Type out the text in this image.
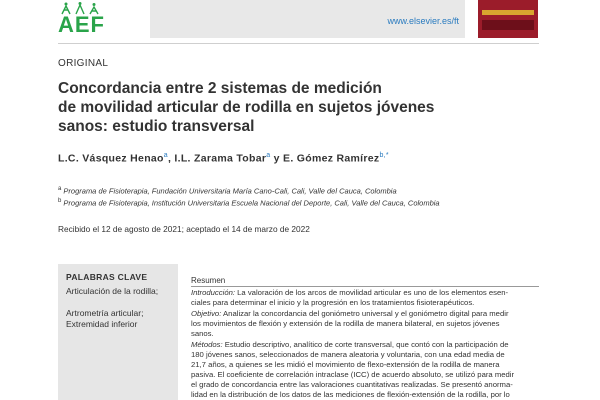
AEF	www.elsevier.es/ft
ORIGINAL
Concordancia entre 2 sistemas de medición
de movilidad articular de rodilla en sujetos jóvenes
sanos: estudio transversal
L.C. Vásquez Henao$^a$, I.L. Zarama Tobar$^a$ y E. Gómez Ramírez$^{b,*}$
$^a$ Programa de Fisioterapia, Fundación Universitaria María Cano-Cali, Cali, Valle del Cauca, Colombia
$^b$ Programa de Fisioterapia, Institución Universitaria Escuela Nacional del Deporte, Cali, Valle del Cauca, Colombia
Recibido el 12 de agosto de 2021; aceptado el 14 de marzo de 2022
PALABRAS CLAVE
Articulación de la rodilla;
Artrometría articular;
Extremidad inferior
Resumen
Introducción: La valoración de los arcos de movilidad articular es uno de los elementos esen-
ciales para determinar el inicio y la progresión en los tratamientos fisioterapéuticos.
Objetivo: Analizar la concordancia del goniómetro universal y el goniómetro digital para medir
los movimientos de flexión y extensión de la rodilla de manera bilateral, en sujetos jóvenes
sanos.
Métodos: Estudio descriptivo, analítico de corte transversal, que contó con la participación de
180 jóvenes sanos, seleccionados de manera aleatoria y voluntaria, con una edad media de
21,7 años, a quienes se les midió el movimiento de flexo-extensión de la rodilla de manera
pasiva. El coeficiente de correlación intraclase (ICC) de acuerdo absoluto, se utilizó para medir
el grado de concordancia entre las valoraciones cuantitativas realizadas. Se presentó anorma-
lidad en la distribución de los datos de las mediciones de flexión-extensión de la rodilla, por lo
